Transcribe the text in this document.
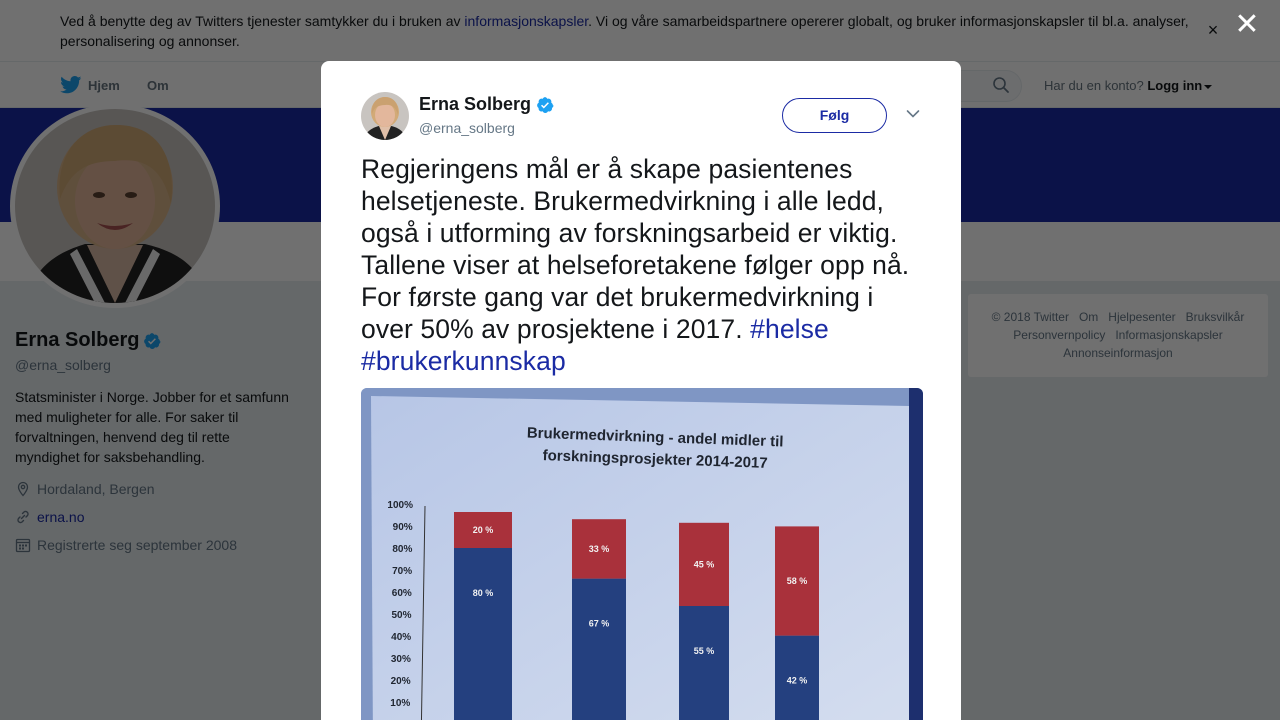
✕
Erna Solberg
@erna_solberg
Følg
Regjeringens mål er å skape pasientenes helsetjeneste. Brukermedvirkning i alle ledd, også i utforming av forskningsarbeid er viktig. Tallene viser at helseforetakene følger opp nå. For første gang var det brukermedvirkning i over 50% av prosjektene i 2017. #helse #brukerkunnskap
Brukermedvirkning - andel midler til
forskningsprosjekter 2014-2017
100%
90%
80%
70%
60%
50%
40%
30%
20%
10%
20 %
80 %
33 %
67 %
45 %
55 %
58 %
42 %
